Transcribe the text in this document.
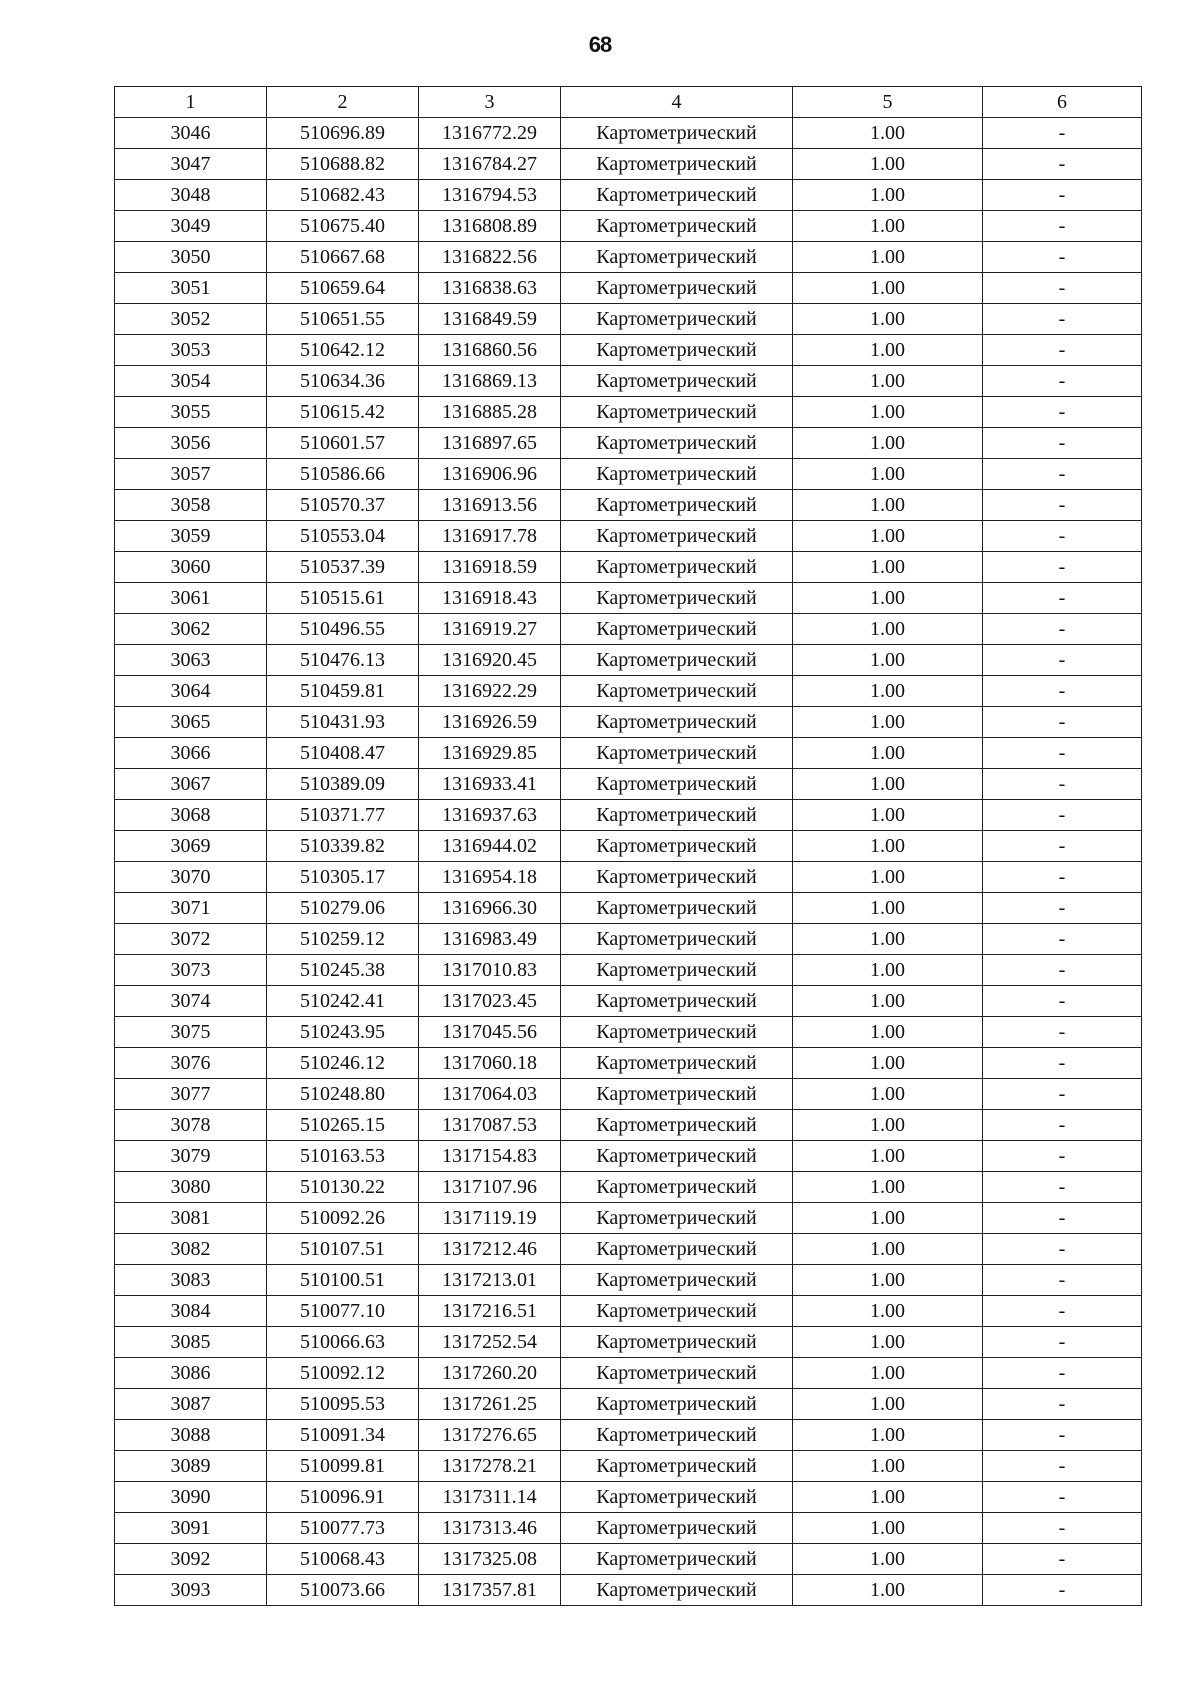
68
1	2	3	4	5	6
3046	510696.89	1316772.29	Картометрический	1.00	-
3047	510688.82	1316784.27	Картометрический	1.00	-
3048	510682.43	1316794.53	Картометрический	1.00	-
3049	510675.40	1316808.89	Картометрический	1.00	-
3050	510667.68	1316822.56	Картометрический	1.00	-
3051	510659.64	1316838.63	Картометрический	1.00	-
3052	510651.55	1316849.59	Картометрический	1.00	-
3053	510642.12	1316860.56	Картометрический	1.00	-
3054	510634.36	1316869.13	Картометрический	1.00	-
3055	510615.42	1316885.28	Картометрический	1.00	-
3056	510601.57	1316897.65	Картометрический	1.00	-
3057	510586.66	1316906.96	Картометрический	1.00	-
3058	510570.37	1316913.56	Картометрический	1.00	-
3059	510553.04	1316917.78	Картометрический	1.00	-
3060	510537.39	1316918.59	Картометрический	1.00	-
3061	510515.61	1316918.43	Картометрический	1.00	-
3062	510496.55	1316919.27	Картометрический	1.00	-
3063	510476.13	1316920.45	Картометрический	1.00	-
3064	510459.81	1316922.29	Картометрический	1.00	-
3065	510431.93	1316926.59	Картометрический	1.00	-
3066	510408.47	1316929.85	Картометрический	1.00	-
3067	510389.09	1316933.41	Картометрический	1.00	-
3068	510371.77	1316937.63	Картометрический	1.00	-
3069	510339.82	1316944.02	Картометрический	1.00	-
3070	510305.17	1316954.18	Картометрический	1.00	-
3071	510279.06	1316966.30	Картометрический	1.00	-
3072	510259.12	1316983.49	Картометрический	1.00	-
3073	510245.38	1317010.83	Картометрический	1.00	-
3074	510242.41	1317023.45	Картометрический	1.00	-
3075	510243.95	1317045.56	Картометрический	1.00	-
3076	510246.12	1317060.18	Картометрический	1.00	-
3077	510248.80	1317064.03	Картометрический	1.00	-
3078	510265.15	1317087.53	Картометрический	1.00	-
3079	510163.53	1317154.83	Картометрический	1.00	-
3080	510130.22	1317107.96	Картометрический	1.00	-
3081	510092.26	1317119.19	Картометрический	1.00	-
3082	510107.51	1317212.46	Картометрический	1.00	-
3083	510100.51	1317213.01	Картометрический	1.00	-
3084	510077.10	1317216.51	Картометрический	1.00	-
3085	510066.63	1317252.54	Картометрический	1.00	-
3086	510092.12	1317260.20	Картометрический	1.00	-
3087	510095.53	1317261.25	Картометрический	1.00	-
3088	510091.34	1317276.65	Картометрический	1.00	-
3089	510099.81	1317278.21	Картометрический	1.00	-
3090	510096.91	1317311.14	Картометрический	1.00	-
3091	510077.73	1317313.46	Картометрический	1.00	-
3092	510068.43	1317325.08	Картометрический	1.00	-
3093	510073.66	1317357.81	Картометрический	1.00	-
